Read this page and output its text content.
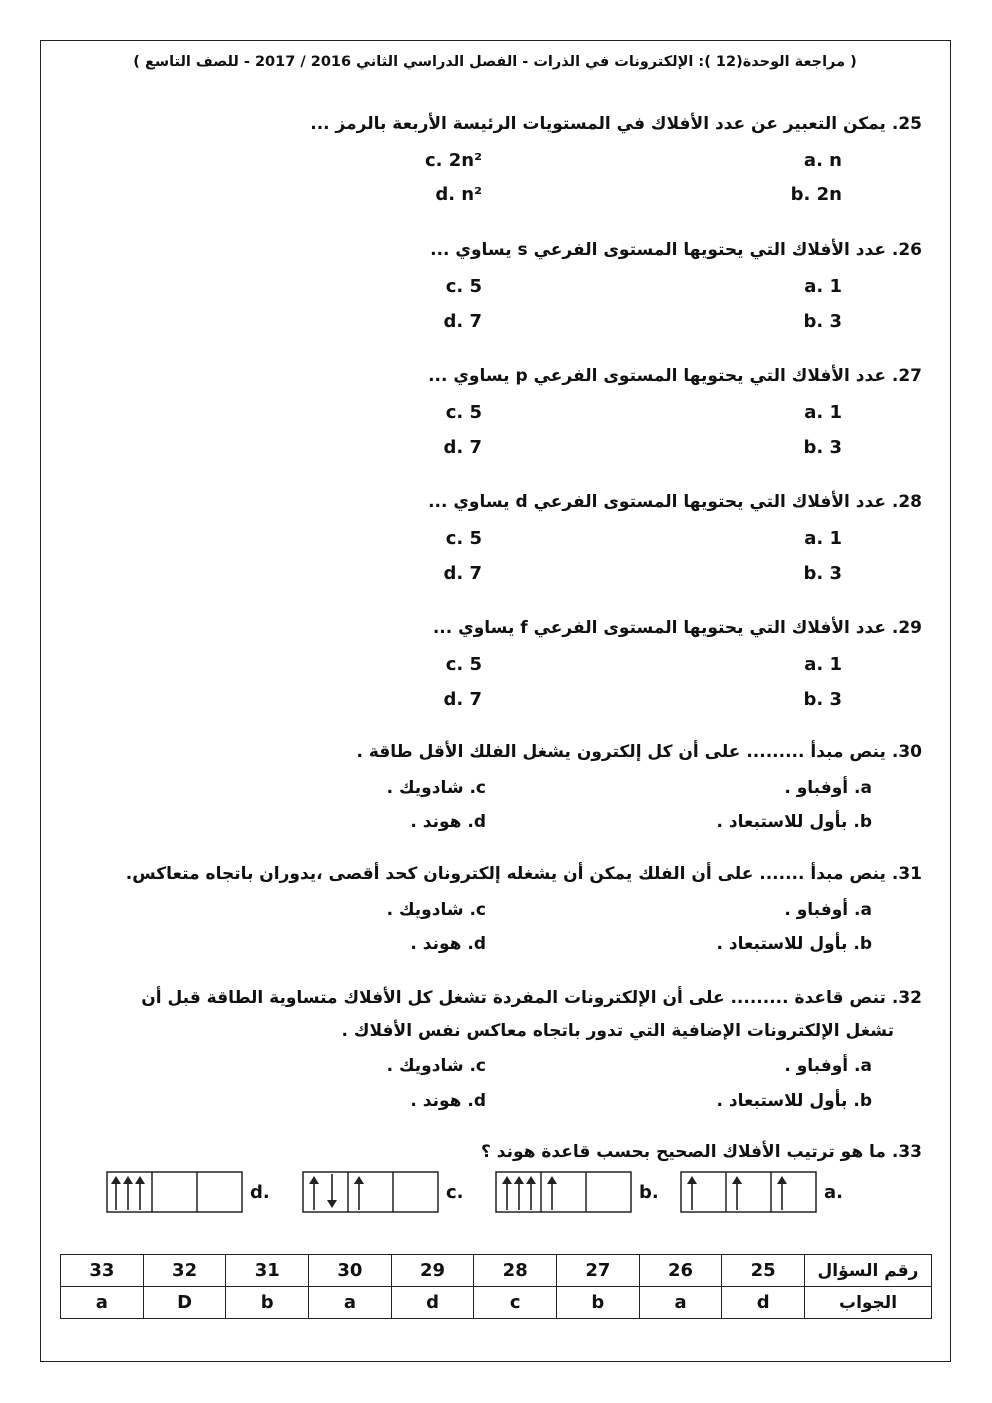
( مراجعة الوحدة(12 ): الإلكترونات في الذرات - الفصل الدراسي الثاني 2016 / 2017 - للصف التاسع )
25. يمكن التعبير عن عدد الأفلاك في المستويات الرئيسة الأربعة بالرمز ...
a. n
b. 2n
c. 2n²
d. n²
26. عدد الأفلاك التي يحتويها المستوى الفرعي s يساوي ...
a. 1
b. 3
c. 5
d. 7
27. عدد الأفلاك التي يحتويها المستوى الفرعي p يساوي ...
a. 1
b. 3
c. 5
d. 7
28. عدد الأفلاك التي يحتويها المستوى الفرعي d يساوي ...
a. 1
b. 3
c. 5
d. 7
29. عدد الأفلاك التي يحتويها المستوى الفرعي f يساوي ...
a. 1
b. 3
c. 5
d. 7
30. ينص مبدأ ......... على أن كل إلكترون يشغل الفلك الأقل طاقة .
a. أوفباو .
b. بأول للاستبعاد .
c. شادويك .
d. هوند .
31. ينص مبدأ ....... على أن الفلك يمكن أن يشغله إلكترونان كحد أقصى ،يدوران باتجاه متعاكس.
a. أوفباو .
b. بأول للاستبعاد .
c. شادويك .
d. هوند .
32. تنص قاعدة ......... على أن الإلكترونات المفردة تشغل كل الأفلاك متساوية الطاقة قبل أن
تشغل الإلكترونات الإضافية التي تدور باتجاه معاكس نفس الأفلاك .
a. أوفباو .
b. بأول للاستبعاد .
c. شادويك .
d. هوند .
33. ما هو ترتيب الأفلاك الصحيح بحسب قاعدة هوند ؟
a.
b.
c.
d.
رقم السؤال	25	26	27	28	29	30	31	32	33
الجواب	d	a	b	c	d	a	b	D	a
